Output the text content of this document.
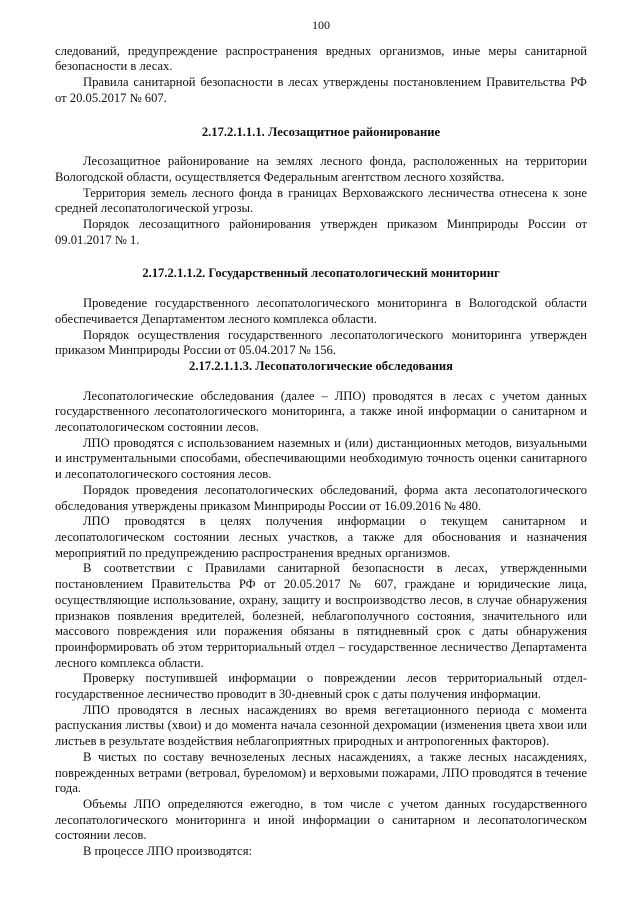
100

следований, предупреждение распространения вредных организмов, иные меры санитарной безопасности в лесах.

Правила санитарной безопасности в лесах утверждены постановлением Правительства РФ от 20.05.2017 № 607.

2.17.2.1.1.1. Лесозащитное районирование

Лесозащитное районирование на землях лесного фонда, расположенных на территории Вологодской области, осуществляется Федеральным агентством лесного хозяйства.

Территория земель лесного фонда в границах Верховажского лесничества отнесена к зоне средней лесопатологической угрозы.

Порядок лесозащитного районирования утвержден приказом Минприроды России от 09.01.2017 № 1.

2.17.2.1.1.2. Государственный лесопатологический мониторинг

Проведение государственного лесопатологического мониторинга в Вологодской области обеспечивается Департаментом лесного комплекса области.

Порядок осуществления государственного лесопатологического мониторинга утвержден приказом Минприроды России от 05.04.2017 № 156.

2.17.2.1.1.3. Лесопатологические обследования

Лесопатологические обследования (далее – ЛПО) проводятся в лесах с учетом данных государственного лесопатологического мониторинга, а также иной информации о санитарном и лесопатологическом состоянии лесов.

ЛПО проводятся с использованием наземных и (или) дистанционных методов, визуальными и инструментальными способами, обеспечивающими необходимую точность оценки санитарного и лесопатологического состояния лесов.

Порядок проведения лесопатологических обследований, форма акта лесопатологического обследования утверждены приказом Минприроды России от 16.09.2016 № 480.

ЛПО проводятся в целях получения информации о текущем санитарном и лесопатологическом состоянии лесных участков, а также для обоснования и назначения мероприятий по предупреждению распространения вредных организмов.

В соответствии с Правилами санитарной безопасности в лесах, утвержденными постановлением Правительства РФ от 20.05.2017 № 607, граждане и юридические лица, осуществляющие использование, охрану, защиту и воспроизводство лесов, в случае обнаружения признаков появления вредителей, болезней, неблагополучного состояния, значительного или массового повреждения или поражения обязаны в пятидневный срок с даты обнаружения проинформировать об этом территориальный отдел – государственное лесничество Департамента лесного комплекса области.

Проверку поступившей информации о повреждении лесов территориальный отдел-государственное лесничество проводит в 30-дневный срок с даты получения информации.

ЛПО проводятся в лесных насаждениях во время вегетационного периода с момента распускания листвы (хвои) и до момента начала сезонной дехромации (изменения цвета хвои или листьев в результате воздействия неблагоприятных природных и антропогенных факторов).

В чистых по составу вечнозеленых лесных насаждениях, а также лесных насаждениях, поврежденных ветрами (ветровал, буреломом) и верховыми пожарами, ЛПО проводятся в течение года.

Объемы ЛПО определяются ежегодно, в том числе с учетом данных государственного лесопатологического мониторинга и иной информации о санитарном и лесопатологическом состоянии лесов.

В процессе ЛПО производятся:
